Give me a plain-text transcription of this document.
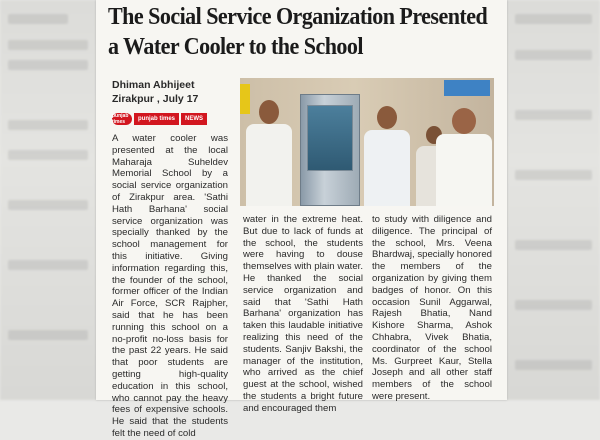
The Social Service Organization Presented
a Water Cooler to the School
Dhiman Abhijeet
Zirakpur , July 17
punjab times	punjab times	NEWS

A water cooler was presented at the local Maharaja Suheldev Memorial School by a social service organization of Zirakpur area. 'Sathi Hath Barhana' social service organization was specially thanked by the school management for this initiative. Giving information regarding this, the founder of the school, former officer of the Indian Air Force, SCR Rajpher, said that he has been running this school on a no-profit no-loss basis for the past 22 years. He said that poor students are getting high-quality education in this school, who cannot pay the heavy fees of expensive schools. He said that the students felt the need of cold

water in the extreme heat. But due to lack of funds at the school, the students were having to douse themselves with plain water. He thanked the social service organization and said that 'Sathi Hath Barhana' organization has taken this laudable initiative realizing this need of the students. Sanjiv Bakshi, the manager of the institution, who arrived as the chief guest at the school, wished the students a bright future and encouraged them

to study with diligence and diligence. The principal of the school, Mrs. Veena Bhardwaj, specially honored the members of the organization by giving them badges of honor. On this occasion Sunil Aggarwal, Rajesh Bhatia, Nand Kishore Sharma, Ashok Chhabra, Vivek Bhatia, coordinator of the school Ms. Gurpreet Kaur, Stella Joseph and all other staff members of the school were present.
